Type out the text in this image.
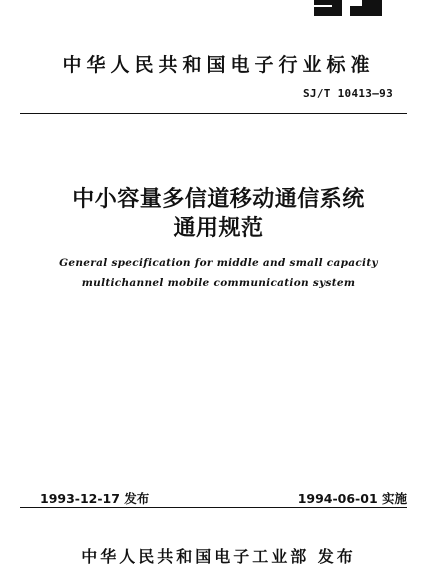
中华人民共和国电子行业标准
SJ/T 10413—93
中小容量多信道移动通信系统
通用规范
General specification for middle and small capacity
multichannel mobile communication system
1993-12-17 发布	1994-06-01 实施
中华人民共和国电子工业部 发布
